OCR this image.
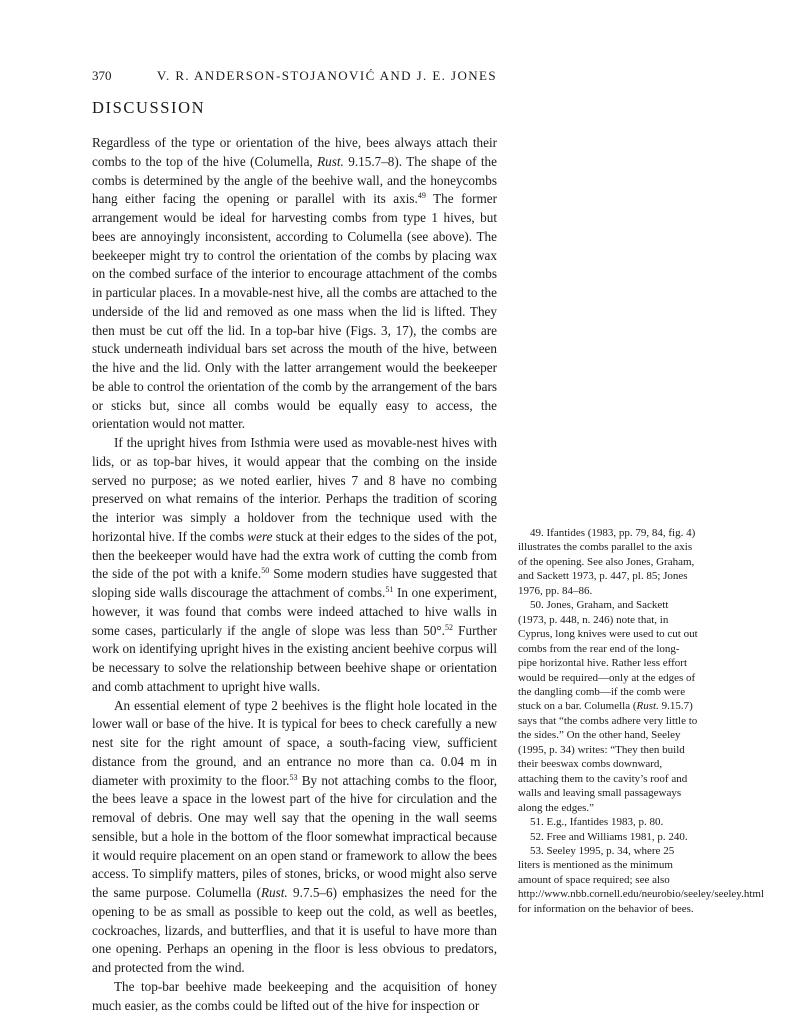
370	V. R. ANDERSON-STOJANOVIĆ AND J. E. JONES
DISCUSSION

Regardless of the type or orientation of the hive, bees always attach their combs to the top of the hive (Columella, Rust. 9.15.7–8). The shape of the combs is determined by the angle of the beehive wall, and the honeycombs hang either facing the opening or parallel with its axis.$^{49}$ The former arrangement would be ideal for harvesting combs from type 1 hives, but bees are annoyingly inconsistent, according to Columella (see above). The beekeeper might try to control the orientation of the combs by placing wax on the combed surface of the interior to encourage attachment of the combs in particular places. In a movable-nest hive, all the combs are attached to the underside of the lid and removed as one mass when the lid is lifted. They then must be cut off the lid. In a top-bar hive (Figs. 3, 17), the combs are stuck underneath individual bars set across the mouth of the hive, between the hive and the lid. Only with the latter arrangement would the beekeeper be able to control the orientation of the comb by the arrangement of the bars or sticks but, since all combs would be equally easy to access, the orientation would not matter.

If the upright hives from Isthmia were used as movable-nest hives with lids, or as top-bar hives, it would appear that the combing on the inside served no purpose; as we noted earlier, hives 7 and 8 have no combing preserved on what remains of the interior. Perhaps the tradition of scoring the interior was simply a holdover from the technique used with the horizontal hive. If the combs were stuck at their edges to the sides of the pot, then the beekeeper would have had the extra work of cutting the comb from the side of the pot with a knife.$^{50}$ Some modern studies have suggested that sloping side walls discourage the attachment of combs.$^{51}$ In one experiment, however, it was found that combs were indeed attached to hive walls in some cases, particularly if the angle of slope was less than 50°.$^{52}$ Further work on identifying upright hives in the existing ancient beehive corpus will be necessary to solve the relationship between beehive shape or orientation and comb attachment to upright hive walls.

An essential element of type 2 beehives is the flight hole located in the lower wall or base of the hive. It is typical for bees to check carefully a new nest site for the right amount of space, a south-facing view, sufficient distance from the ground, and an entrance no more than ca. 0.04 m in diameter with proximity to the floor.$^{53}$ By not attaching combs to the floor, the bees leave a space in the lowest part of the hive for circulation and the removal of debris. One may well say that the opening in the wall seems sensible, but a hole in the bottom of the floor somewhat impractical because it would require placement on an open stand or framework to allow the bees access. To simplify matters, piles of stones, bricks, or wood might also serve the same purpose. Columella (Rust. 9.7.5–6) emphasizes the need for the opening to be as small as possible to keep out the cold, as well as beetles, cockroaches, lizards, and butterflies, and that it is useful to have more than one opening. Perhaps an opening in the floor is less obvious to predators, and protected from the wind.

The top-bar beehive made beekeeping and the acquisition of honey much easier, as the combs could be lifted out of the hive for inspection or

49. Ifantides (1983, pp. 79, 84, fig. 4) illustrates the combs parallel to the axis of the opening. See also Jones, Graham, and Sackett 1973, p. 447, pl. 85; Jones 1976, pp. 84–86.

50. Jones, Graham, and Sackett (1973, p. 448, n. 246) note that, in Cyprus, long knives were used to cut out combs from the rear end of the long-pipe horizontal hive. Rather less effort would be required—only at the edges of the dangling comb—if the comb were stuck on a bar. Columella (Rust. 9.15.7) says that “the combs adhere very little to the sides.” On the other hand, Seeley (1995, p. 34) writes: “They then build their beeswax combs downward, attaching them to the cavity’s roof and walls and leaving small passageways along the edges.”

51. E.g., Ifantides 1983, p. 80.

52. Free and Williams 1981, p. 240.

53. Seeley 1995, p. 34, where 25 liters is mentioned as the minimum amount of space required; see also http://www.nbb.cornell.edu/neurobio/seeley/seeley.html for information on the behavior of bees.
